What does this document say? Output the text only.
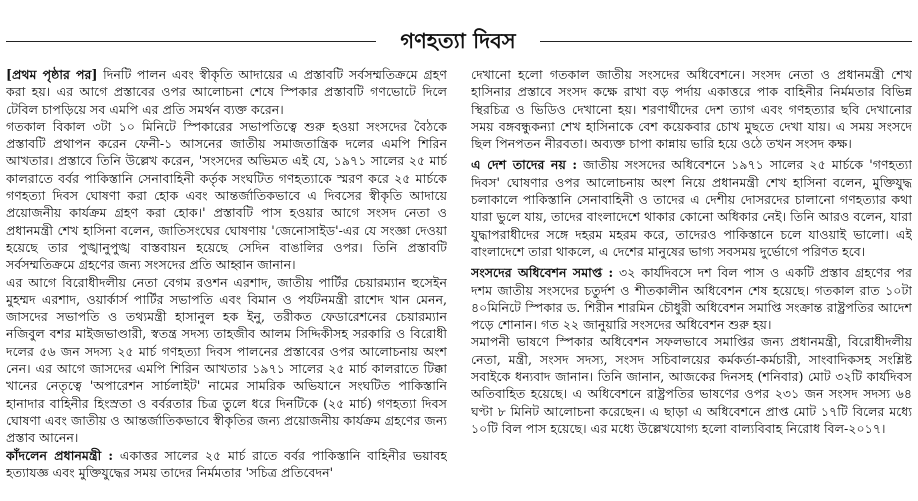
গণহত্যা দিবস

[প্রথম পৃষ্ঠার পর] দিনটি পালন এবং স্বীকৃতি আদায়ের এ প্রস্তাবটি সর্বসম্মতিক্রমে গ্রহণ করা হয়। এর আগে প্রস্তাবের ওপর আলোচনা শেষে স্পিকার প্রস্তাবটি গণভোটে দিলে টেবিল চাপড়িয়ে সব এমপি এর প্রতি সমর্থন ব্যক্ত করেন।

গতকাল বিকাল ৩টা ১০ মিনিটে স্পিকারের সভাপতিত্বে শুরু হওয়া সংসদের বৈঠকে প্রস্তাবটি প্রথাপন করেন ফেনী-১ আসনের জাতীয় সমাজতান্ত্রিক দলের এমপি শিরিন আখতার। প্রস্তাবে তিনি উল্লেখ করেন, 'সংসদের অভিমত এই যে, ১৯৭১ সালের ২৫ মার্চ কালরাতে বর্বর পাকিস্তানি সেনাবাহিনী কর্তৃক সংঘটিত গণহত্যাকে স্মরণ করে ২৫ মার্চকে গণহত্যা দিবস ঘোষণা করা হোক এবং আন্তর্জাতিকভাবে এ দিবসের স্বীকৃতি আদায়ে প্রয়োজনীয় কার্যক্রম গ্রহণ করা হোক।' প্রস্তাবটি পাস হওয়ার আগে সংসদ নেতা ও প্রধানমন্ত্রী শেখ হাসিনা বলেন, জাতিসংঘের ঘোষণায় 'জেনোসাইড'-এর যে সংজ্ঞা দেওয়া হয়েছে তার পুঙ্খানুপুঙ্খ বাস্তবায়ন হয়েছে সেদিন বাঙালির ওপর। তিনি প্রস্তাবটি সর্বসম্মতিক্রমে গ্রহণের জন্য সংসদের প্রতি আহ্বান জানান।

এর আগে বিরোধীদলীয় নেতা বেগম রওশন এরশাদ, জাতীয় পার্টির চেয়ারম্যান হুসেইন মুহম্মদ এরশাদ, ওয়ার্কার্স পার্টির সভাপতি এবং বিমান ও পর্যটনমন্ত্রী রাশেদ খান মেনন, জাসদের সভাপতি ও তথ্যমন্ত্রী হাসানুল হক ইনু, তরীকত ফেডারেশনের চেয়ারম্যান নজিবুল বশর মাইজভাণ্ডারী, স্বতন্ত্র সদস্য তাহজীব আলম সিদ্দিকীসহ সরকারি ও বিরোধী দলের ৫৬ জন সদস্য ২৫ মার্চ গণহত্যা দিবস পালনের প্রস্তাবের ওপর আলোচনায় অংশ নেন। এর আগে জাসদের এমপি শিরিন আখতার ১৯৭১ সালের ২৫ মার্চ কালরাতে টিক্কা খানের নেতৃত্বে 'অপারেশন সার্চলাইট' নামের সামরিক অভিযানে সংঘটিত পাকিস্তানি হানাদার বাহিনীর হিংস্রতা ও বর্বরতার চিত্র তুলে ধরে দিনটিকে (২৫ মার্চ) গণহত্যা দিবস ঘোষণা এবং জাতীয় ও আন্তর্জাতিকভাবে স্বীকৃতির জন্য প্রয়োজনীয় কার্যক্রম গ্রহণের জন্য প্রস্তাব আনেন।

কাঁদলেন প্রধানমন্ত্রী : একাত্তর সালের ২৫ মার্চ রাতে বর্বর পাকিস্তানি বাহিনীর ভয়াবহ হত্যাযজ্ঞ এবং মুক্তিযুদ্ধের সময় তাদের নির্মমতার 'সচিত্র প্রতিবেদন'

দেখানো হলো গতকাল জাতীয় সংসদের অধিবেশনে। সংসদ নেতা ও প্রধানমন্ত্রী শেখ হাসিনার প্রস্তাবে সংসদ কক্ষে রাখা বড় পর্দায় একাত্তরে পাক বাহিনীর নির্মমতার বিভিন্ন স্থিরচিত্র ও ভিডিও দেখানো হয়। শরণার্থীদের দেশ ত্যাগ এবং গণহত্যার ছবি দেখানোর সময় বঙ্গবন্ধুকন্যা শেখ হাসিনাকে বেশ কয়েকবার চোখ মুছতে দেখা যায়। এ সময় সংসদে ছিল পিনপতন নীরবতা। অব্যক্ত চাপা কান্নায় ভারি হয়ে ওঠে তখন সংসদ কক্ষ।

এ দেশ তাদের নয় : জাতীয় সংসদের অধিবেশনে ১৯৭১ সালের ২৫ মার্চকে 'গণহত্যা দিবস' ঘোষণার ওপর আলোচনায় অংশ নিয়ে প্রধানমন্ত্রী শেখ হাসিনা বলেন, মুক্তিযুদ্ধ চলাকালে পাকিস্তানি সেনাবাহিনী ও তাদের এ দেশীয় দোসরদের চালানো গণহত্যার কথা যারা ভুলে যায়, তাদের বাংলাদেশে থাকার কোনো অধিকার নেই। তিনি আরও বলেন, যারা যুদ্ধাপরাধীদের সঙ্গে দহরম মহরম করে, তাদেরও পাকিস্তানে চলে যাওয়াই ভালো। এই বাংলাদেশে তারা থাকলে, এ দেশের মানুষের ভাগ্য সবসময় দুর্ভোগে পরিণত হবে।

সংসদের অধিবেশন সমাপ্ত : ৩২ কার্যদিবসে দশ বিল পাস ও একটি প্রস্তাব গ্রহণের পর দশম জাতীয় সংসদের চতুর্দশ ও শীতকালীন অধিবেশন শেষ হয়েছে। গতকাল রাত ১০টা ৪০মিনিটে স্পিকার ড. শিরীন শারমিন চৌধুরী অধিবেশন সমাপ্তি সংক্রান্ত রাষ্ট্রপতির আদেশ পড়ে শোনান। গত ২২ জানুয়ারি সংসদের অধিবেশন শুরু হয়।

সমাপনী ভাষণে স্পিকার অধিবেশন সফলভাবে সমাপ্তির জন্য প্রধানমন্ত্রী, বিরোধীদলীয় নেতা, মন্ত্রী, সংসদ সদস্য, সংসদ সচিবালয়ের কর্মকর্তা-কর্মচারী, সাংবাদিকসহ সংশ্লিষ্ট সবাইকে ধন্যবাদ জানান। তিনি জানান, আজকের দিনসহ (শনিবার) মোট ৩২টি কার্যদিবস অতিবাহিত হয়েছে। এ অধিবেশনে রাষ্ট্রপতির ভাষণের ওপর ২৩১ জন সংসদ সদস্য ৬৪ ঘণ্টা ৮ মিনিট আলোচনা করেছেন। এ ছাড়া এ অধিবেশনে প্রাপ্ত মোট ১৭টি বিলের মধ্যে ১০টি বিল পাস হয়েছে। এর মধ্যে উল্লেখযোগ্য হলো বাল্যবিবাহ নিরোধ বিল-২০১৭।
